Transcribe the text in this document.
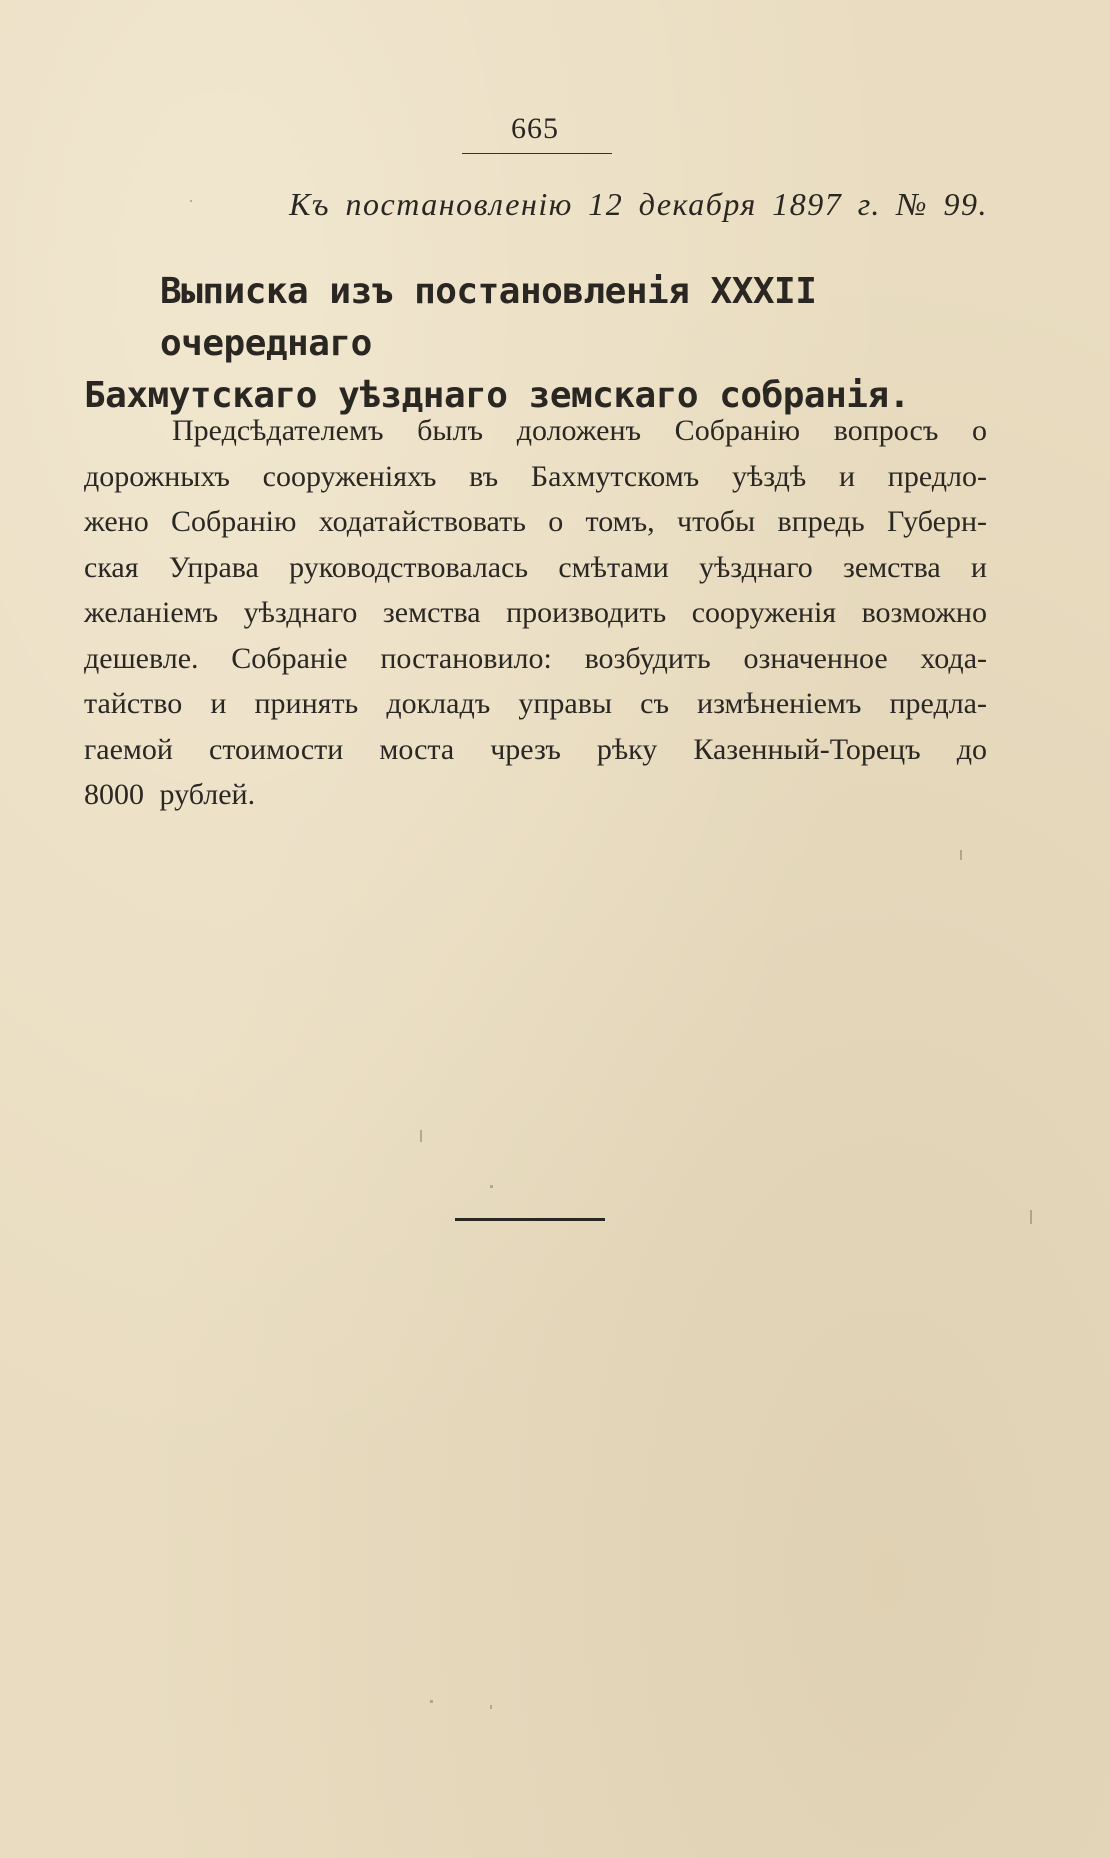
665
Къ постановленію 12 декабря 1897 г. № 99.
Выписка изъ постановленія XXXII очереднаго
Бахмутскаго уѣзднаго земскаго собранія.
Предсѣдателемъ былъ доложенъ Собранію вопросъ о
дорожныхъ сооруженіяхъ въ Бахмутскомъ уѣздѣ и предло-
жено Собранію ходатайствовать о томъ, чтобы впредь Губерн-
ская Управа руководствовалась смѣтами уѣзднаго земства и
желаніемъ уѣзднаго земства производить сооруженія возможно
дешевле. Собраніе постановило: возбудить означенное хода-
тайство и принять докладъ управы съ измѣненіемъ предла-
гаемой стоимости моста чрезъ рѣку Казенный-Торецъ до
8000 рублей.
